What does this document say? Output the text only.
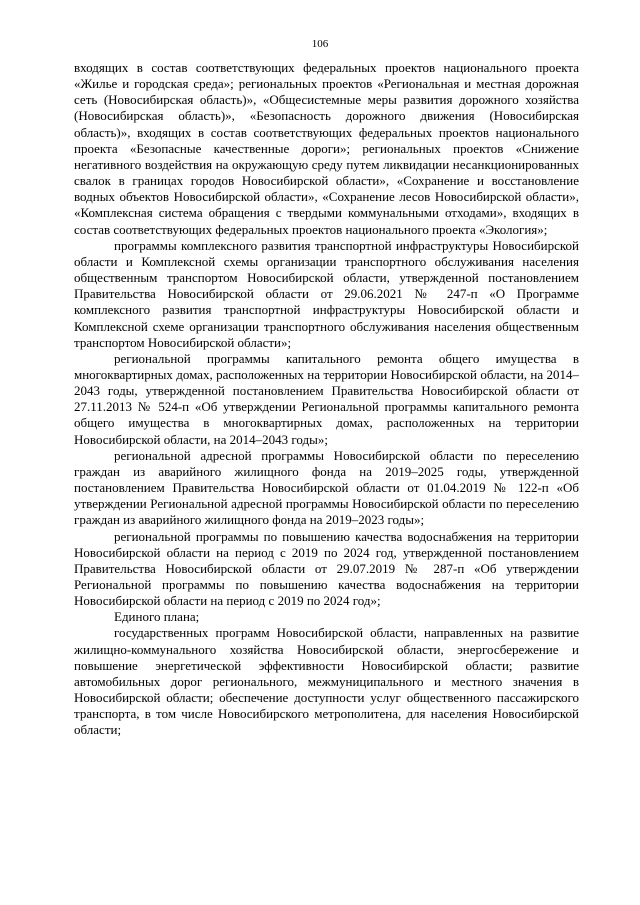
106

входящих в состав соответствующих федеральных проектов национального проекта «Жилье и городская среда»; региональных проектов «Региональная и местная дорожная сеть (Новосибирская область)», «Общесистемные меры развития дорожного хозяйства (Новосибирская область)», «Безопасность дорожного движения (Новосибирская область)», входящих в состав соответствующих федеральных проектов национального проекта «Безопасные качественные дороги»; региональных проектов «Снижение негативного воздействия на окружающую среду путем ликвидации несанкционированных свалок в границах городов Новосибирской области», «Сохранение и восстановление водных объектов Новосибирской области», «Сохранение лесов Новосибирской области», «Комплексная система обращения с твердыми коммунальными отходами», входящих в состав соответствующих федеральных проектов национального проекта «Экология»;

программы комплексного развития транспортной инфраструктуры Новосибирской области и Комплексной схемы организации транспортного обслуживания населения общественным транспортом Новосибирской области, утвержденной постановлением Правительства Новосибирской области от 29.06.2021 № 247-п «О Программе комплексного развития транспортной инфраструктуры Новосибирской области и Комплексной схеме организации транспортного обслуживания населения общественным транспортом Новосибирской области»;

региональной программы капитального ремонта общего имущества в многоквартирных домах, расположенных на территории Новосибирской области, на 2014–2043 годы, утвержденной постановлением Правительства Новосибирской области от 27.11.2013 № 524-п «Об утверждении Региональной программы капитального ремонта общего имущества в многоквартирных домах, расположенных на территории Новосибирской области, на 2014–2043 годы»;

региональной адресной программы Новосибирской области по переселению граждан из аварийного жилищного фонда на 2019–2025 годы, утвержденной постановлением Правительства Новосибирской области от 01.04.2019 № 122-п «Об утверждении Региональной адресной программы Новосибирской области по переселению граждан из аварийного жилищного фонда на 2019–2023 годы»;

региональной программы по повышению качества водоснабжения на территории Новосибирской области на период с 2019 по 2024 год, утвержденной постановлением Правительства Новосибирской области от 29.07.2019 № 287-п «Об утверждении Региональной программы по повышению качества водоснабжения на территории Новосибирской области на период с 2019 по 2024 год»;

Единого плана;

государственных программ Новосибирской области, направленных на развитие жилищно-коммунального хозяйства Новосибирской области, энергосбережение и повышение энергетической эффективности Новосибирской области; развитие автомобильных дорог регионального, межмуниципального и местного значения в Новосибирской области; обеспечение доступности услуг общественного пассажирского транспорта, в том числе Новосибирского метрополитена, для населения Новосибирской области;
